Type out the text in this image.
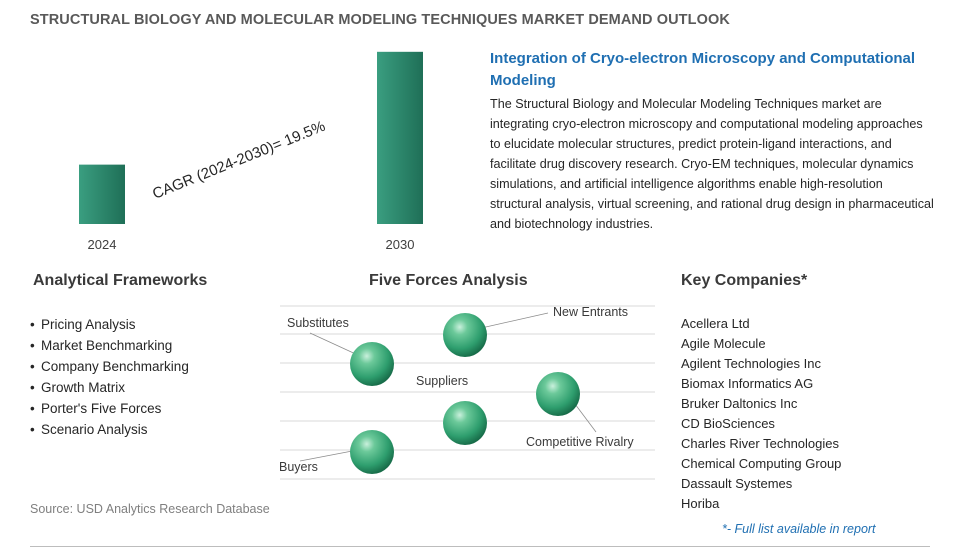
STRUCTURAL BIOLOGY AND MOLECULAR MODELING TECHNIQUES MARKET DEMAND OUTLOOK
2024	2030
CAGR (2024-2030)= 19.5%
Integration of Cryo-electron Microscopy and Computational Modeling
The Structural Biology and Molecular Modeling Techniques market are integrating cryo-electron microscopy and computational modeling approaches to elucidate molecular structures, predict protein-ligand interactions, and facilitate drug discovery research. Cryo-EM techniques, molecular dynamics simulations, and artificial intelligence algorithms enable high-resolution structural analysis, virtual screening, and rational drug design in pharmaceutical and biotechnology industries.
Analytical Frameworks
• Pricing Analysis
• Market Benchmarking
• Company Benchmarking
• Growth Matrix
• Porter's Five Forces
• Scenario Analysis
Five Forces Analysis
Substitutes
New Entrants
Suppliers
Competitive Rivalry
Buyers
Key Companies*
Acellera Ltd
Agile Molecule
Agilent Technologies Inc
Biomax Informatics AG
Bruker Daltonics Inc
CD BioSciences
Charles River Technologies
Chemical Computing Group
Dassault Systemes
Horiba
*- Full list available in report
Source: USD Analytics Research Database
